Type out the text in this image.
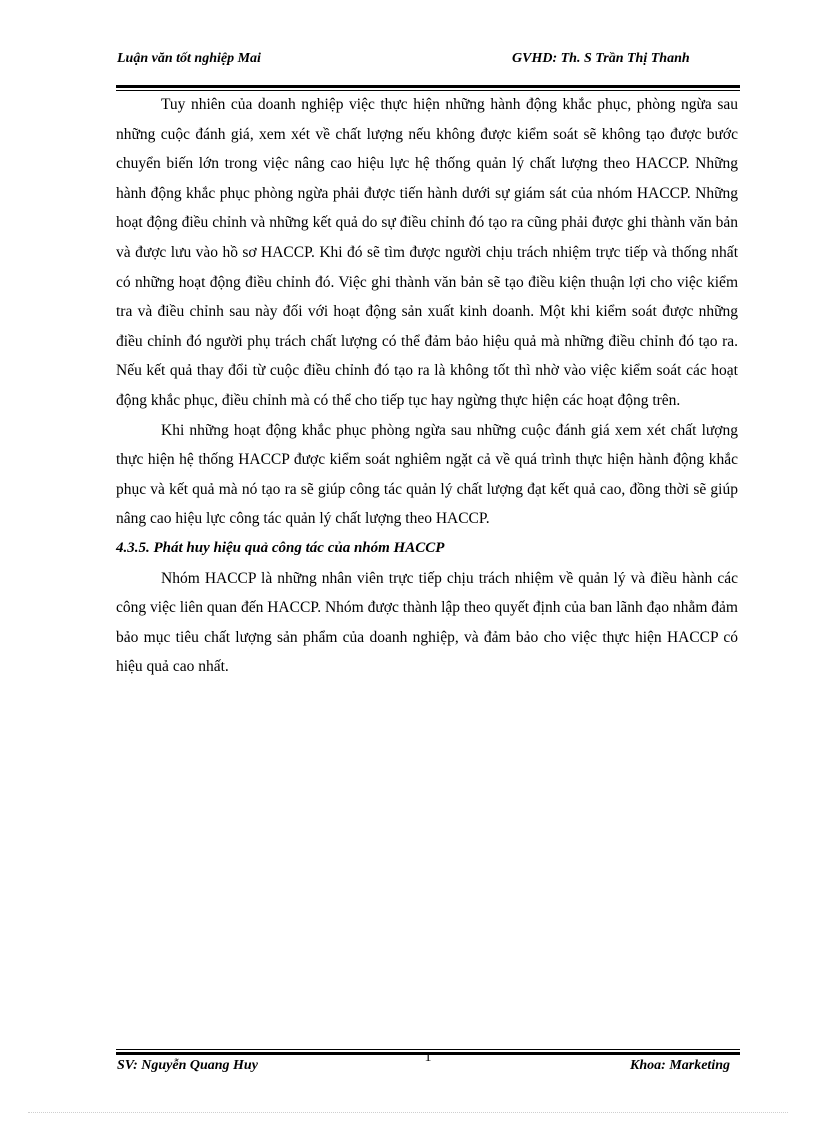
Luận văn tốt nghiệp Mai	GVHD: Th. S Trần Thị Thanh

Tuy nhiên của doanh nghiệp việc thực hiện những hành động khắc phục, phòng ngừa sau những cuộc đánh giá, xem xét về chất lượng nếu không được kiểm soát sẽ không tạo được bước chuyển biến lớn trong việc nâng cao hiệu lực hệ thống quản lý chất lượng theo HACCP. Những hành động khắc phục phòng ngừa phải được tiến hành dưới sự giám sát của nhóm HACCP. Những hoạt động điều chỉnh và những kết quả do sự điều chỉnh đó tạo ra cũng phải được ghi thành văn bản và được lưu vào hồ sơ HACCP. Khi đó sẽ tìm được người chịu trách nhiệm trực tiếp và thống nhất có những hoạt động điều chỉnh đó. Việc ghi thành văn bản sẽ tạo điều kiện thuận lợi cho việc kiểm tra và điều chỉnh sau này đối với hoạt động sản xuất kinh doanh. Một khi kiểm soát được những điều chỉnh đó người phụ trách chất lượng có thể đảm bảo hiệu quả mà những điều chỉnh đó tạo ra. Nếu kết quả thay đổi từ cuộc điều chỉnh đó tạo ra là không tốt thì nhờ vào việc kiểm soát các hoạt động khắc phục, điều chỉnh mà có thể cho tiếp tục hay ngừng thực hiện các hoạt động trên.

Khi những hoạt động khắc phục phòng ngừa sau những cuộc đánh giá xem xét chất lượng thực hiện hệ thống HACCP được kiểm soát nghiêm ngặt cả về quá trình thực hiện hành động khắc phục và kết quả mà nó tạo ra sẽ giúp công tác quản lý chất lượng đạt kết quả cao, đồng thời sẽ giúp nâng cao hiệu lực công tác quản lý chất lượng theo HACCP.

4.3.5. Phát huy hiệu quả công tác của nhóm HACCP

Nhóm HACCP là những nhân viên trực tiếp chịu trách nhiệm về quản lý và điều hành các công việc liên quan đến HACCP. Nhóm được thành lập theo quyết định của ban lãnh đạo nhằm đảm bảo mục tiêu chất lượng sản phẩm của doanh nghiệp, và đảm bảo cho việc thực hiện HACCP có hiệu quả cao nhất.

SV: Nguyễn Quang Huy
1
Khoa: Marketing
